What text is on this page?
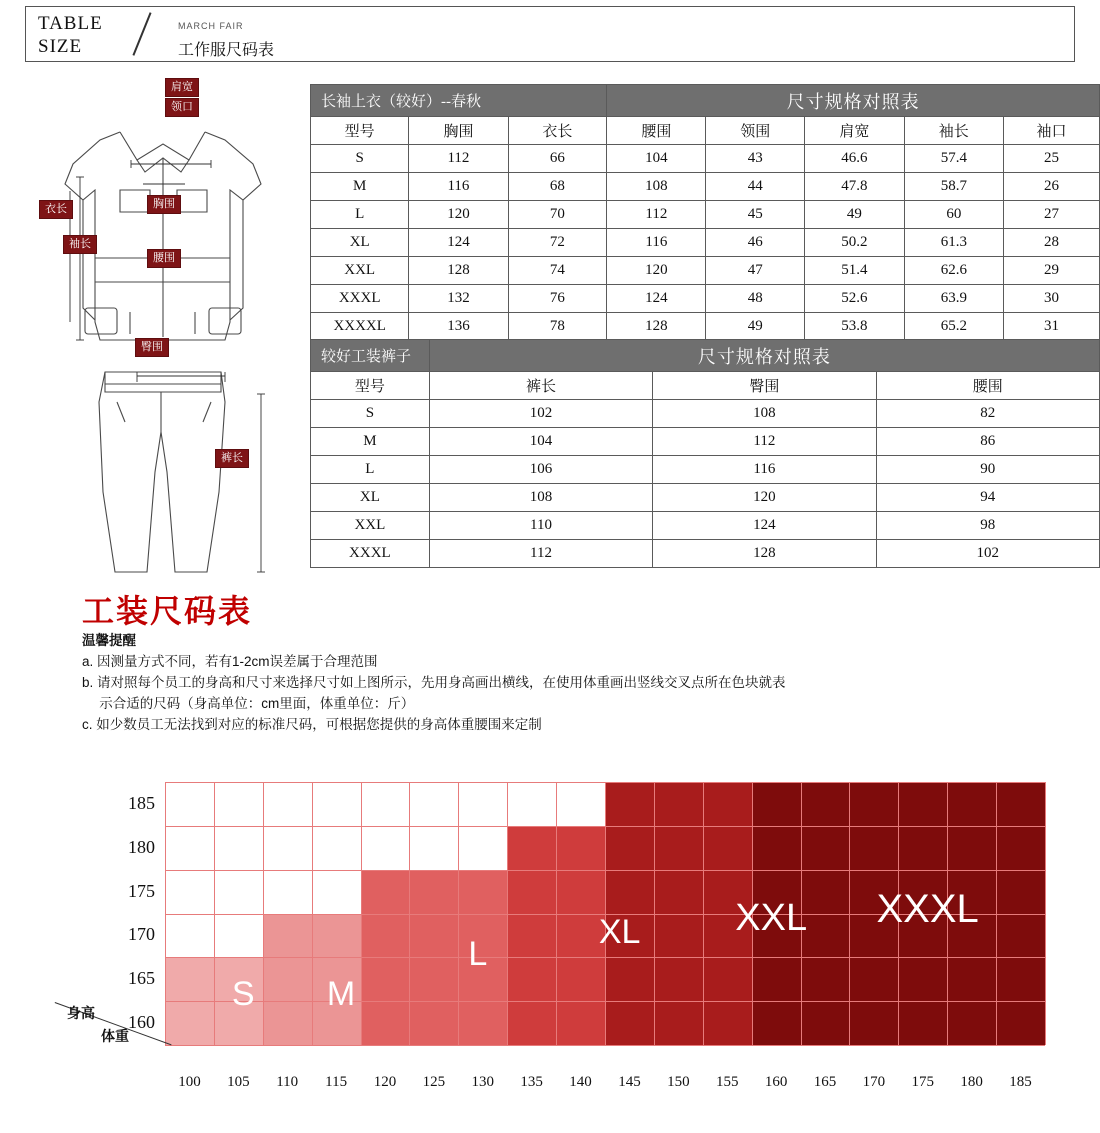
TABLE
SIZE
MARCH FAIR
工作服尺码表
肩宽
领口
胸围
衣长
袖长
腰围
臀围
裤长
长袖上衣（较好）--春秋			尺寸规格对照表				
型号	胸围	衣长	腰围	领围	肩宽	袖长	袖口
S	112	66	104	43	46.6	57.4	25
M	116	68	108	44	47.8	58.7	26
L	120	70	112	45	49	60	27
XL	124	72	116	46	50.2	61.3	28
XXL	128	74	120	47	51.4	62.6	29
XXXL	132	76	124	48	52.6	63.9	30
XXXXL	136	78	128	49	53.8	65.2	31
较好工装裤子	尺寸规格对照表		
型号	裤长	臀围	腰围
S	102	108	82
M	104	112	86
L	106	116	90
XL	108	120	94
XXL	110	124	98
XXXL	112	128	102
工装尺码表
温馨提醒
a. 因测量方式不同，若有1-2cm误差属于合理范围
b. 请对照每个员工的身高和尺寸来选择尺寸如上图所示，先用身高画出横线，在使用体重画出竖线交叉点所在色块就表
　 示合适的尺码（身高单位：cm里面，体重单位：斤）
c. 如少数员工无法找到对应的标准尺码，可根据您提供的身高体重腰围来定制
S	M
L
XL	XXL	XXXL
身高
体重
185
180
175
170
165
160
100	105	110	115	120	125	130	135	140	145	150	155	160	165	170	175	180	185
